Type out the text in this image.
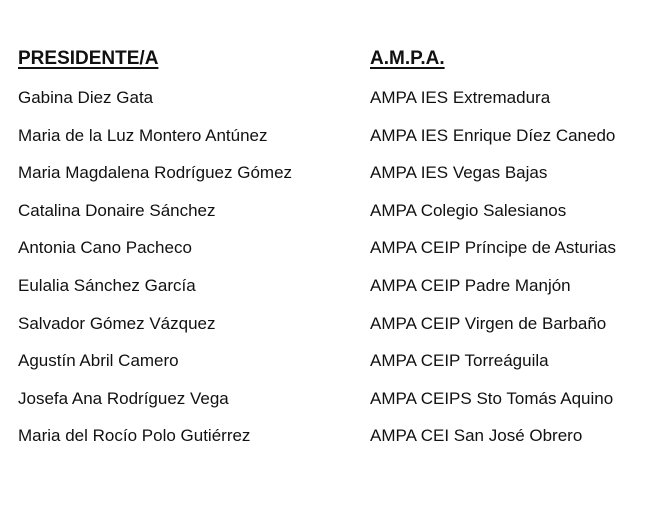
PRESIDENTE/A	A.M.P.A.
Gabina Diez Gata	AMPA IES Extremadura
Maria de la Luz Montero Antúnez	AMPA IES Enrique Díez Canedo
Maria Magdalena Rodríguez Gómez	AMPA IES Vegas Bajas
Catalina Donaire Sánchez	AMPA Colegio Salesianos
Antonia Cano Pacheco	AMPA CEIP Príncipe de Asturias
Eulalia Sánchez García	AMPA CEIP Padre Manjón
Salvador Gómez Vázquez	AMPA CEIP Virgen de Barbaño
Agustín Abril Camero	AMPA CEIP Torreáguila
Josefa Ana Rodríguez Vega	AMPA CEIPS Sto Tomás Aquino
Maria del Rocío Polo Gutiérrez	AMPA CEI San José Obrero
